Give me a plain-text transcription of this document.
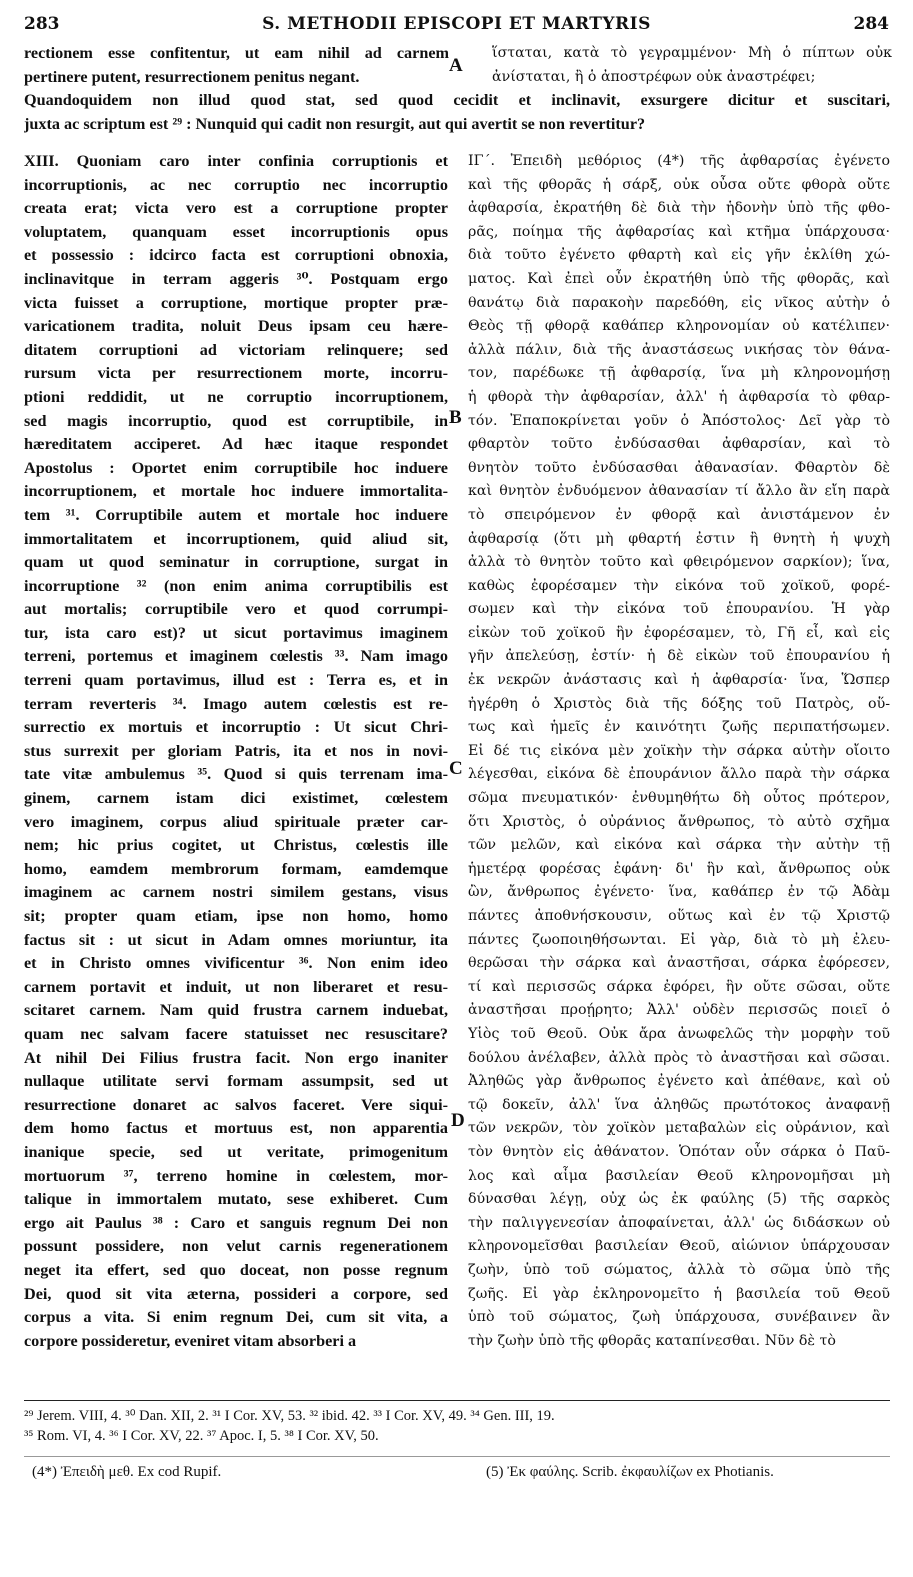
283	S. METHODII EPISCOPI ET MARTYRIS	284
rectionem esse confitentur, ut eam nihil ad carnem
pertinere putent, resurrectionem penitus negant.
ἵσταται, κατὰ τὸ γεγραμμένον· Μὴ ὁ πίπτων οὐκ
ἀνίσταται, ἢ ὁ ἀποστρέφων οὐκ ἀναστρέφει;
Quandoquidem non illud quod stat, sed quod cecidit et inclinavit, exsurgere dicitur et suscitari,
juxta ac scriptum est ²⁹ : Nunquid qui cadit non resurgit, aut qui avertit se non revertitur?
A
B
C
D
XIII. Quoniam caro inter confinia corruptionis et
incorruptionis, ac nec corruptio nec incorruptio
creata erat; victa vero est a corruptione propter
voluptatem, quanquam esset incorruptionis opus
et possessio : idcirco facta est corruptioni obnoxia,
inclinavitque in terram aggeris ³⁰. Postquam ergo
victa fuisset a corruptione, mortique propter præ-
varicationem tradita, noluit Deus ipsam ceu hære-
ditatem corruptioni ad victoriam relinquere; sed
rursum victa per resurrectionem morte, incorru-
ptioni reddidit, ut ne corruptio incorruptionem,
sed magis incorruptio, quod est corruptibile, in
hæreditatem acciperet. Ad hæc itaque respondet
Apostolus : Oportet enim corruptibile hoc induere
incorruptionem, et mortale hoc induere immortalita-
tem ³¹. Corruptibile autem et mortale hoc induere
immortalitatem et incorruptionem, quid aliud sit,
quam ut quod seminatur in corruptione, surgat in
incorruptione ³² (non enim anima corruptibilis est
aut mortalis; corruptibile vero et quod corrumpi-
tur, ista caro est)? ut sicut portavimus imaginem
terreni, portemus et imaginem cœlestis ³³. Nam imago
terreni quam portavimus, illud est : Terra es, et in
terram reverteris ³⁴. Imago autem cœlestis est re-
surrectio ex mortuis et incorruptio : Ut sicut Chri-
stus surrexit per gloriam Patris, ita et nos in novi-
tate vitæ ambulemus ³⁵. Quod si quis terrenam ima-
ginem, carnem istam dici existimet, cœlestem
vero imaginem, corpus aliud spirituale præter car-
nem; hic prius cogitet, ut Christus, cœlestis ille
homo, eamdem membrorum formam, eamdemque
imaginem ac carnem nostri similem gestans, visus
sit; propter quam etiam, ipse non homo, homo
factus sit : ut sicut in Adam omnes moriuntur, ita
et in Christo omnes vivificentur ³⁶. Non enim ideo
carnem portavit et induit, ut non liberaret et resu-
scitaret carnem. Nam quid frustra carnem induebat,
quam nec salvam facere statuisset nec resuscitare?
At nihil Dei Filius frustra facit. Non ergo inaniter
nullaque utilitate servi formam assumpsit, sed ut
resurrectione donaret ac salvos faceret. Vere siqui-
dem homo factus et mortuus est, non apparentia
inanique specie, sed ut veritate, primogenitum
mortuorum ³⁷, terreno homine in cœlestem, mor-
talique in immortalem mutato, sese exhiberet. Cum
ergo ait Paulus ³⁸ : Caro et sanguis regnum Dei non
possunt possidere, non velut carnis regenerationem
neget ita effert, sed quo doceat, non posse regnum
Dei, quod sit vita æterna, possideri a corpore, sed
corpus a vita. Si enim regnum Dei, cum sit vita, a
corpore possideretur, eveniret vitam absorberi a
ΙΓ΄. Ἐπειδὴ μεθόριος (4*) τῆς ἀφθαρσίας ἐγένετο
καὶ τῆς φθορᾶς ἡ σάρξ, οὐκ οὖσα οὔτε φθορὰ οὔτε
ἀφθαρσία, ἐκρατήθη δὲ διὰ τὴν ἡδονὴν ὑπὸ τῆς φθο-
ρᾶς, ποίημα τῆς ἀφθαρσίας καὶ κτῆμα ὑπάρχουσα·
διὰ τοῦτο ἐγένετο φθαρτὴ καὶ εἰς γῆν ἐκλίθη χώ-
ματος. Καὶ ἐπεὶ οὖν ἐκρατήθη ὑπὸ τῆς φθορᾶς, καὶ
θανάτῳ διὰ παρακοὴν παρεδόθη, εἰς νῖκος αὐτὴν ὁ
Θεὸς τῇ φθορᾷ καθάπερ κληρονομίαν οὐ κατέλιπεν·
ἀλλὰ πάλιν, διὰ τῆς ἀναστάσεως νικήσας τὸν θάνα-
τον, παρέδωκε τῇ ἀφθαρσίᾳ, ἵνα μὴ κληρονομήσῃ
ἡ φθορὰ τὴν ἀφθαρσίαν, ἀλλ' ἡ ἀφθαρσία τὸ φθαρ-
τόν. Ἐπαποκρίνεται γοῦν ὁ Ἀπόστολος· Δεῖ γὰρ τὸ
φθαρτὸν τοῦτο ἐνδύσασθαι ἀφθαρσίαν, καὶ τὸ
θνητὸν τοῦτο ἐνδύσασθαι ἀθανασίαν. Φθαρτὸν δὲ
καὶ θνητὸν ἐνδυόμενον ἀθανασίαν τί ἄλλο ἂν εἴη παρὰ
τὸ σπειρόμενον ἐν φθορᾷ καὶ ἀνιστάμενον ἐν
ἀφθαρσίᾳ (ὅτι μὴ φθαρτή ἐστιν ἢ θνητὴ ἡ ψυχὴ
ἀλλὰ τὸ θνητὸν τοῦτο καὶ φθειρόμενον σαρκίον); ἵνα,
καθὼς ἐφορέσαμεν τὴν εἰκόνα τοῦ χοϊκοῦ, φορέ-
σωμεν καὶ τὴν εἰκόνα τοῦ ἐπουρανίου. Ἡ γὰρ
εἰκὼν τοῦ χοϊκοῦ ἣν ἐφορέσαμεν, τὸ, Γῆ εἶ, καὶ εἰς
γῆν ἀπελεύσῃ, ἐστίν· ἡ δὲ εἰκὼν τοῦ ἐπουρανίου ἡ
ἐκ νεκρῶν ἀνάστασις καὶ ἡ ἀφθαρσία· ἵνα, Ὥσπερ
ἠγέρθη ὁ Χριστὸς διὰ τῆς δόξης τοῦ Πατρὸς, οὕ-
τως καὶ ἡμεῖς ἐν καινότητι ζωῆς περιπατήσωμεν.
Εἰ δέ τις εἰκόνα μὲν χοϊκὴν τὴν σάρκα αὐτὴν οἴοιτο
λέγεσθαι, εἰκόνα δὲ ἐπουράνιον ἄλλο παρὰ τὴν σάρκα
σῶμα πνευματικόν· ἐνθυμηθήτω δὴ οὗτος πρότερον,
ὅτι Χριστὸς, ὁ οὐράνιος ἄνθρωπος, τὸ αὐτὸ σχῆμα
τῶν μελῶν, καὶ εἰκόνα καὶ σάρκα τὴν αὐτὴν τῇ
ἡμετέρᾳ φορέσας ἐφάνη· δι' ἣν καὶ, ἄνθρωπος οὐκ
ὢν, ἄνθρωπος ἐγένετο· ἵνα, καθάπερ ἐν τῷ Ἀδὰμ
πάντες ἀποθνήσκουσιν, οὕτως καὶ ἐν τῷ Χριστῷ
πάντες ζωοποιηθήσωνται. Εἰ γὰρ, διὰ τὸ μὴ ἐλευ-
θερῶσαι τὴν σάρκα καὶ ἀναστῆσαι, σάρκα ἐφόρεσεν,
τί καὶ περισσῶς σάρκα ἐφόρει, ἣν οὔτε σῶσαι, οὔτε
ἀναστῆσαι προῄρητο; Ἀλλ' οὐδὲν περισσῶς ποιεῖ ὁ
Υἱὸς τοῦ Θεοῦ. Οὐκ ἄρα ἀνωφελῶς τὴν μορφὴν τοῦ
δούλου ἀνέλαβεν, ἀλλὰ πρὸς τὸ ἀναστῆσαι καὶ σῶσαι.
Ἀληθῶς γὰρ ἄνθρωπος ἐγένετο καὶ ἀπέθανε, καὶ οὐ
τῷ δοκεῖν, ἀλλ' ἵνα ἀληθῶς πρωτότοκος ἀναφανῇ
τῶν νεκρῶν, τὸν χοϊκὸν μεταβαλὼν εἰς οὐράνιον, καὶ
τὸν θνητὸν εἰς ἀθάνατον. Ὁπόταν οὖν σάρκα ὁ Παῦ-
λος καὶ αἷμα βασιλείαν Θεοῦ κληρονομῆσαι μὴ
δύνασθαι λέγῃ, οὐχ ὡς ἐκ φαύλης (5) τῆς σαρκὸς
τὴν παλιγγενεσίαν ἀποφαίνεται, ἀλλ' ὡς διδάσκων οὐ
κληρονομεῖσθαι βασιλείαν Θεοῦ, αἰώνιον ὑπάρχουσαν
ζωὴν, ὑπὸ τοῦ σώματος, ἀλλὰ τὸ σῶμα ὑπὸ τῆς
ζωῆς. Εἰ γὰρ ἐκληρονομεῖτο ἡ βασιλεία τοῦ Θεοῦ
ὑπὸ τοῦ σώματος, ζωὴ ὑπάρχουσα, συνέβαινεν ἂν
τὴν ζωὴν ὑπὸ τῆς φθορᾶς καταπίνεσθαι. Νῦν δὲ τὸ
²⁹ Jerem. VIII, 4. ³⁰ Dan. XII, 2. ³¹ I Cor. XV, 53. ³² ibid. 42. ³³ I Cor. XV, 49. ³⁴ Gen. III, 19.
³⁵ Rom. VI, 4. ³⁶ I Cor. XV, 22. ³⁷ Apoc. I, 5. ³⁸ I Cor. XV, 50.
(4*) Ἐπειδὴ μεθ. Ex cod Rupif.	(5) Ἐκ φαύλης. Scrib. ἐκφαυλίζων ex Photianis.
